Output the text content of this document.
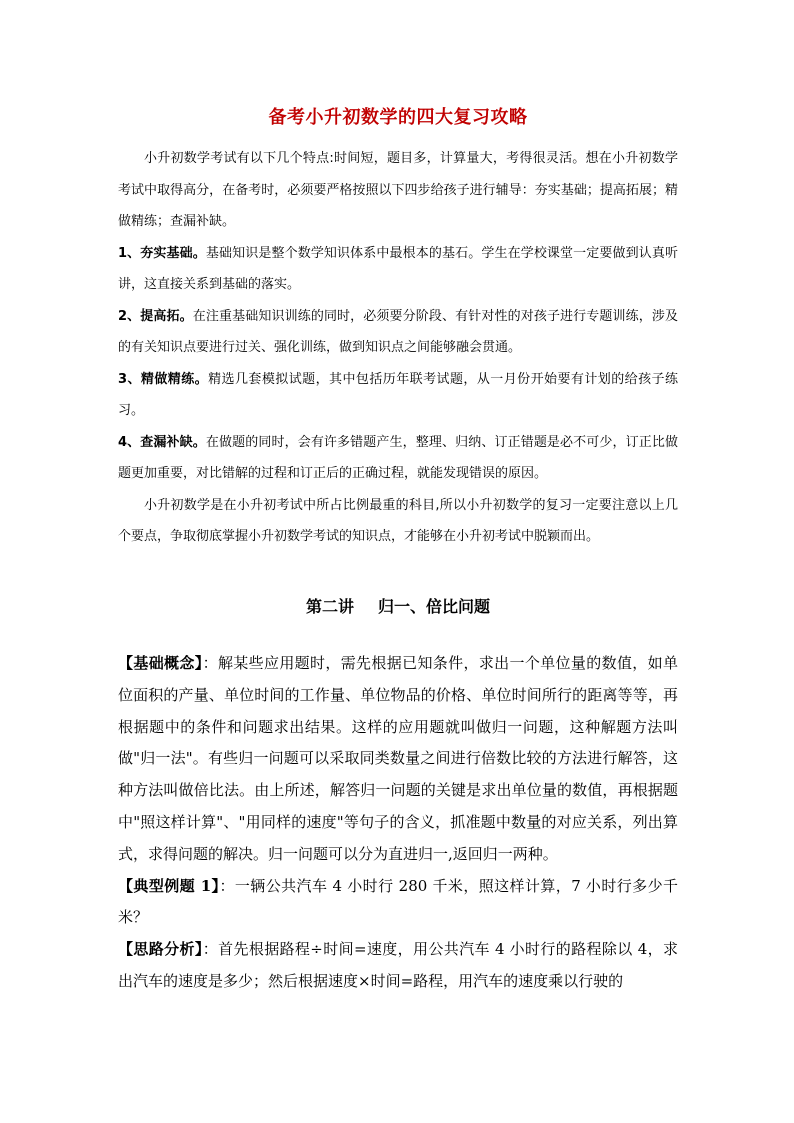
备考小升初数学的四大复习攻略

小升初数学考试有以下几个特点:时间短，题目多，计算量大，考得很灵活。想在小升初数学考试中取得高分，在备考时，必须要严格按照以下四步给孩子进行辅导：夯实基础；提高拓展；精做精练；查漏补缺。

1、夯实基础。基础知识是整个数学知识体系中最根本的基石。学生在学校课堂一定要做到认真听讲，这直接关系到基础的落实。

2、提高拓。在注重基础知识训练的同时，必须要分阶段、有针对性的对孩子进行专题训练，涉及的有关知识点要进行过关、强化训练，做到知识点之间能够融会贯通。

3、精做精练。精选几套模拟试题，其中包括历年联考试题，从一月份开始要有计划的给孩子练习。

4、查漏补缺。在做题的同时，会有许多错题产生，整理、归纳、订正错题是必不可少，订正比做题更加重要，对比错解的过程和订正后的正确过程，就能发现错误的原因。

小升初数学是在小升初考试中所占比例最重的科目,所以小升初数学的复习一定要注意以上几个要点，争取彻底掌握小升初数学考试的知识点，才能够在小升初考试中脱颖而出。

第二讲 归一、倍比问题

【基础概念】：解某些应用题时，需先根据已知条件，求出一个单位量的数值，如单位面积的产量、单位时间的工作量、单位物品的价格、单位时间所行的距离等等，再根据题中的条件和问题求出结果。这样的应用题就叫做归一问题，这种解题方法叫做"归一法"。有些归一问题可以采取同类数量之间进行倍数比较的方法进行解答，这种方法叫做倍比法。由上所述，解答归一问题的关键是求出单位量的数值，再根据题中"照这样计算"、"用同样的速度"等句子的含义，抓准题中数量的对应关系，列出算式，求得问题的解决。归一问题可以分为直进归一,返回归一两种。

【典型例题 1】：一辆公共汽车 4 小时行 280 千米，照这样计算，7 小时行多少千米？

【思路分析】：首先根据路程÷时间=速度，用公共汽车 4 小时行的路程除以 4，求出汽车的速度是多少；然后根据速度×时间=路程，用汽车的速度乘以行驶的
